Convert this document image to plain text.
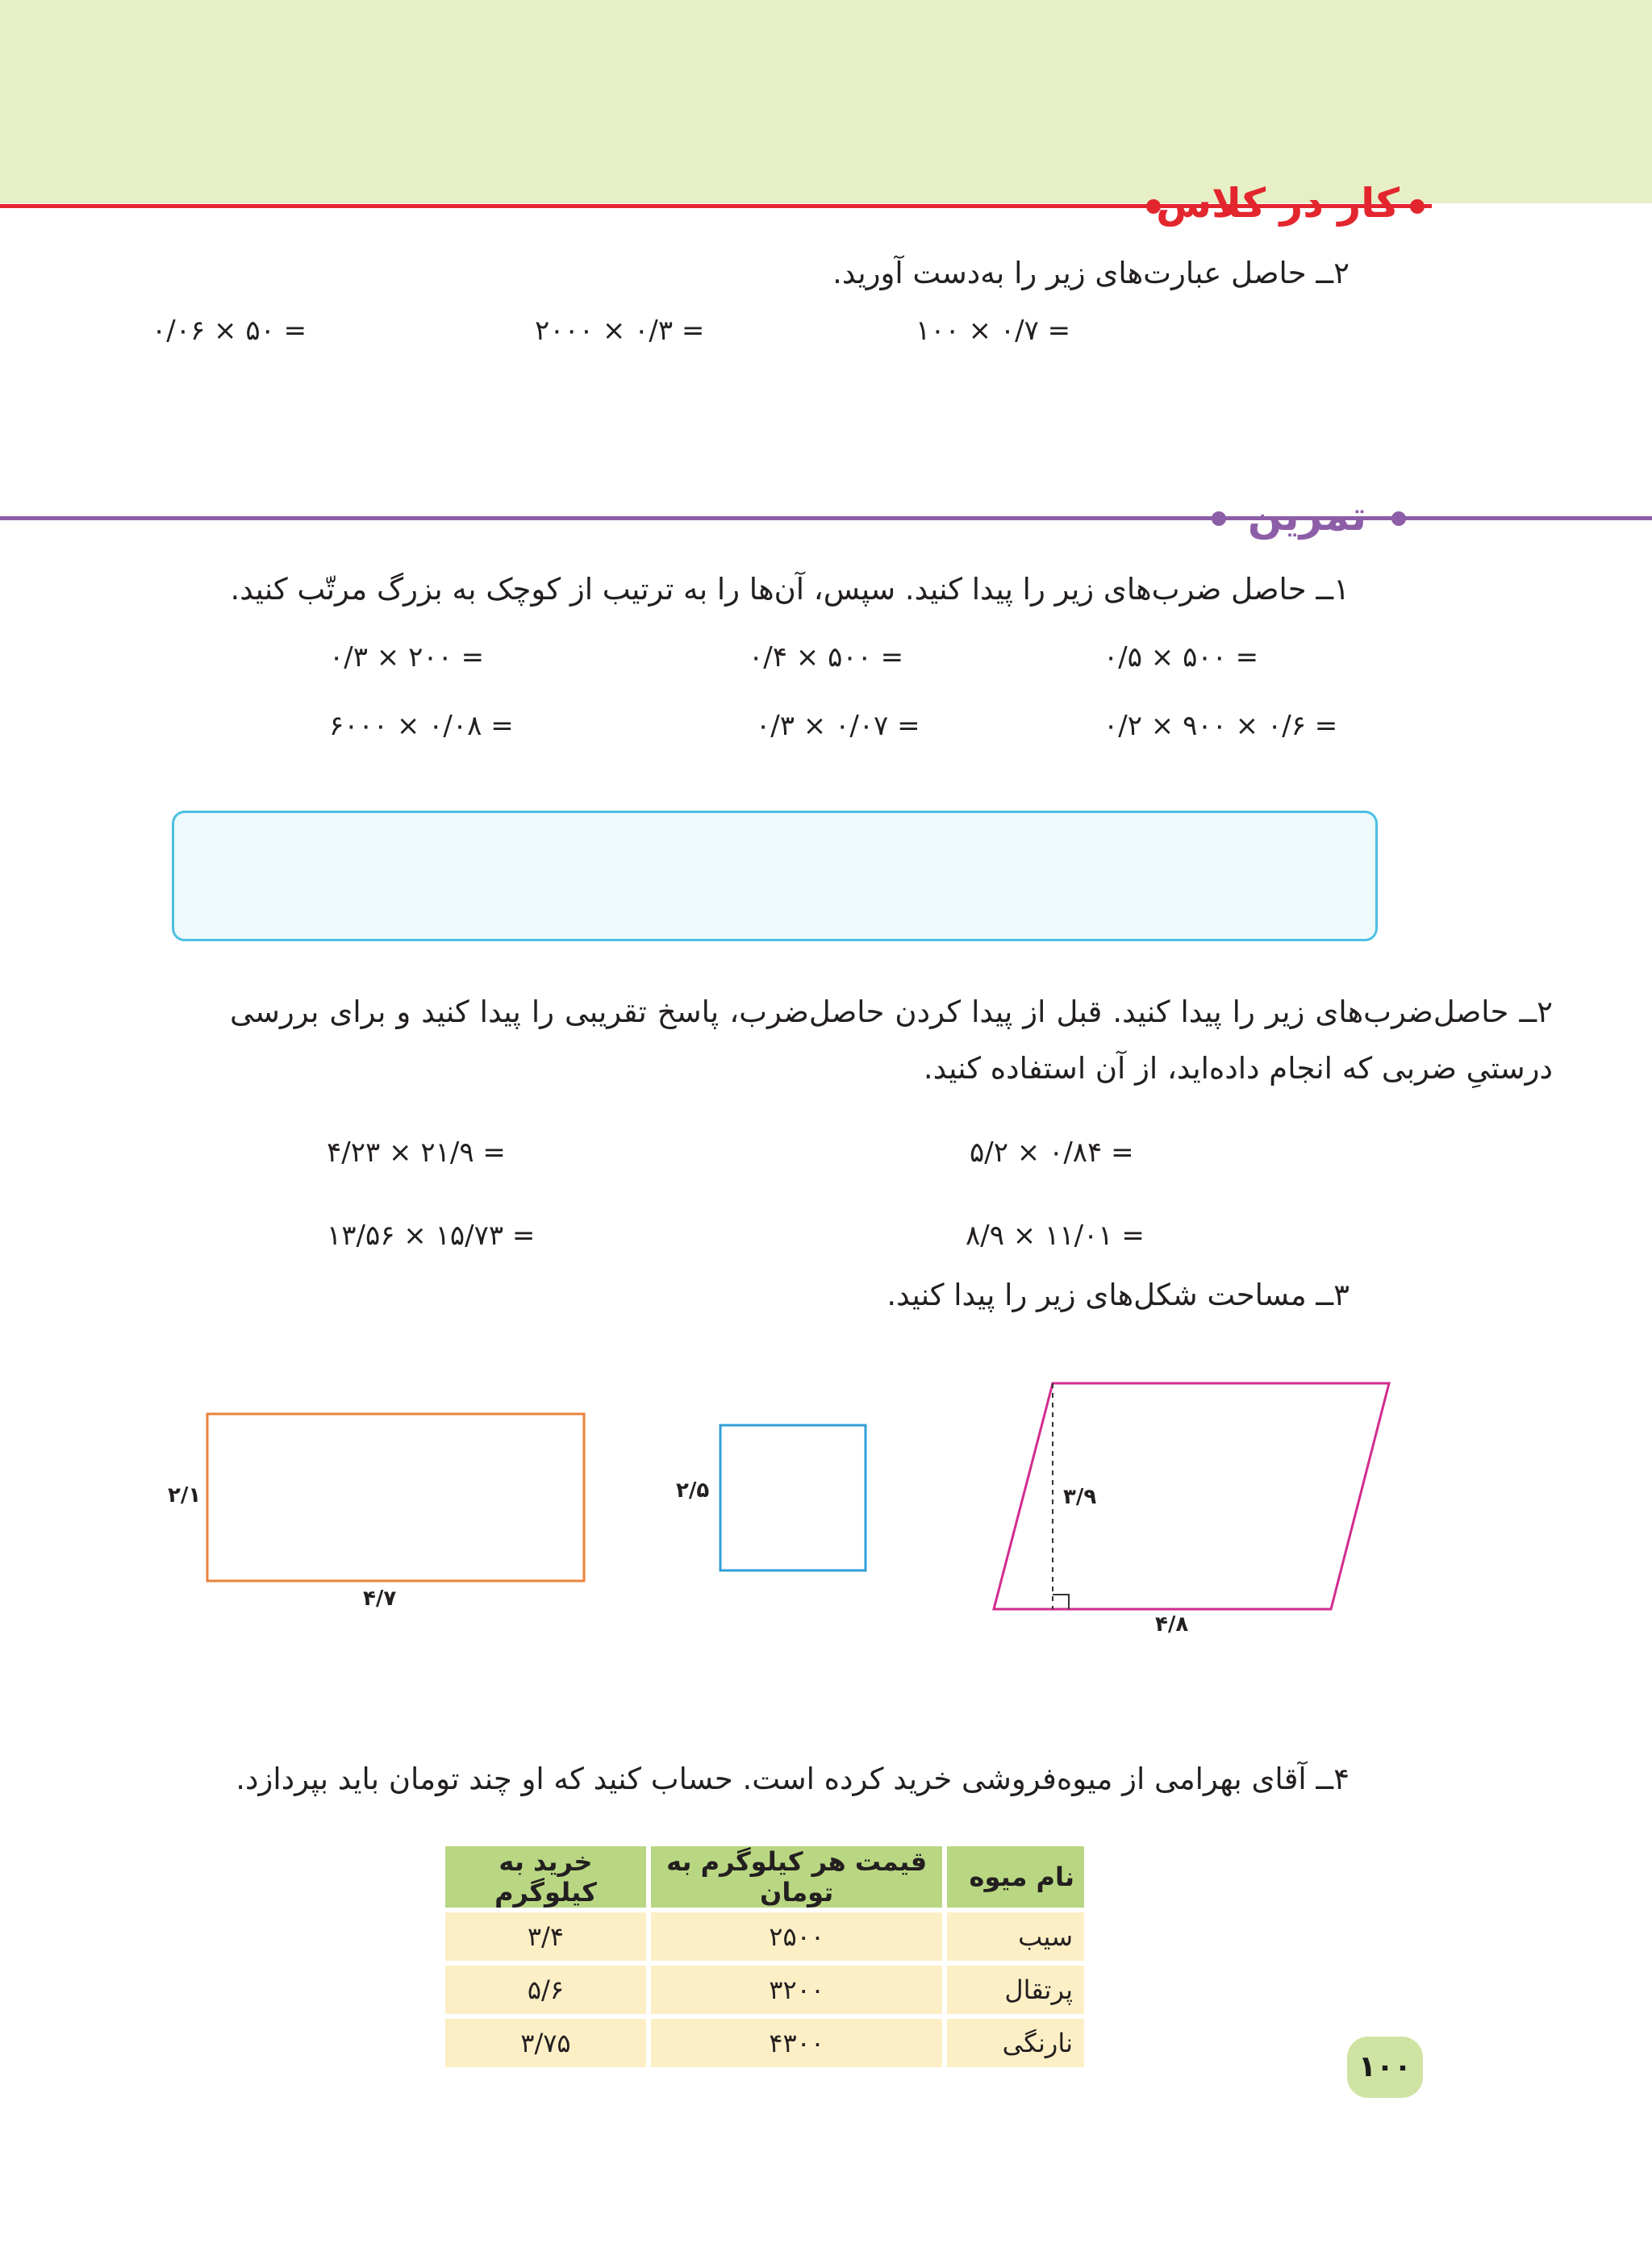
کار در کلاس
۲ــ حاصل عبارت‌های زیر را به‌دست آورید.
۱۰۰ × ۰/۷ =
۲۰۰۰ × ۰/۳ =
۰/۰۶ × ۵۰ =
تمرین
۱ــ حاصل ضرب‌های زیر را پیدا کنید. سپس، آن‌ها را به ترتیب از کوچک به بزرگ مرتّب کنید.
۰/۵ × ۵۰۰ =
۰/۴ × ۵۰۰ =
۰/۳ × ۲۰۰ =
۰/۲ × ۹۰۰ × ۰/۶ =
۰/۳ × ۰/۰۷ =
۶۰۰۰ × ۰/۰۸ =
۲ــ حاصل‌ضرب‌های زیر را پیدا کنید. قبل از پیدا کردن حاصل‌ضرب، پاسخ تقریبی را پیدا کنید و برای بررسی درستیِ ضربی که انجام داده‌اید، از آن استفاده کنید.
۵/۲ × ۰/۸۴ =
۴/۲۳ × ۲۱/۹ =
۸/۹ × ۱۱/۰۱ =
۱۳/۵۶ × ۱۵/۷۳ =
۳ــ مساحت شکل‌های زیر را پیدا کنید.
۲/۱
۴/۷
۲/۵	۳/۹
۴/۸
۴ــ آقای بهرامی از میوه‌فروشی خرید کرده است. حساب کنید که او چند تومان باید بپردازد.
نام میوه	قیمت هر کیلوگرم به تومان	خرید به کیلوگرم
سیب	۲۵۰۰	۳/۴
پرتقال	۳۲۰۰	۵/۶
نارنگی	۴۳۰۰	۳/۷۵
۱۰۰
